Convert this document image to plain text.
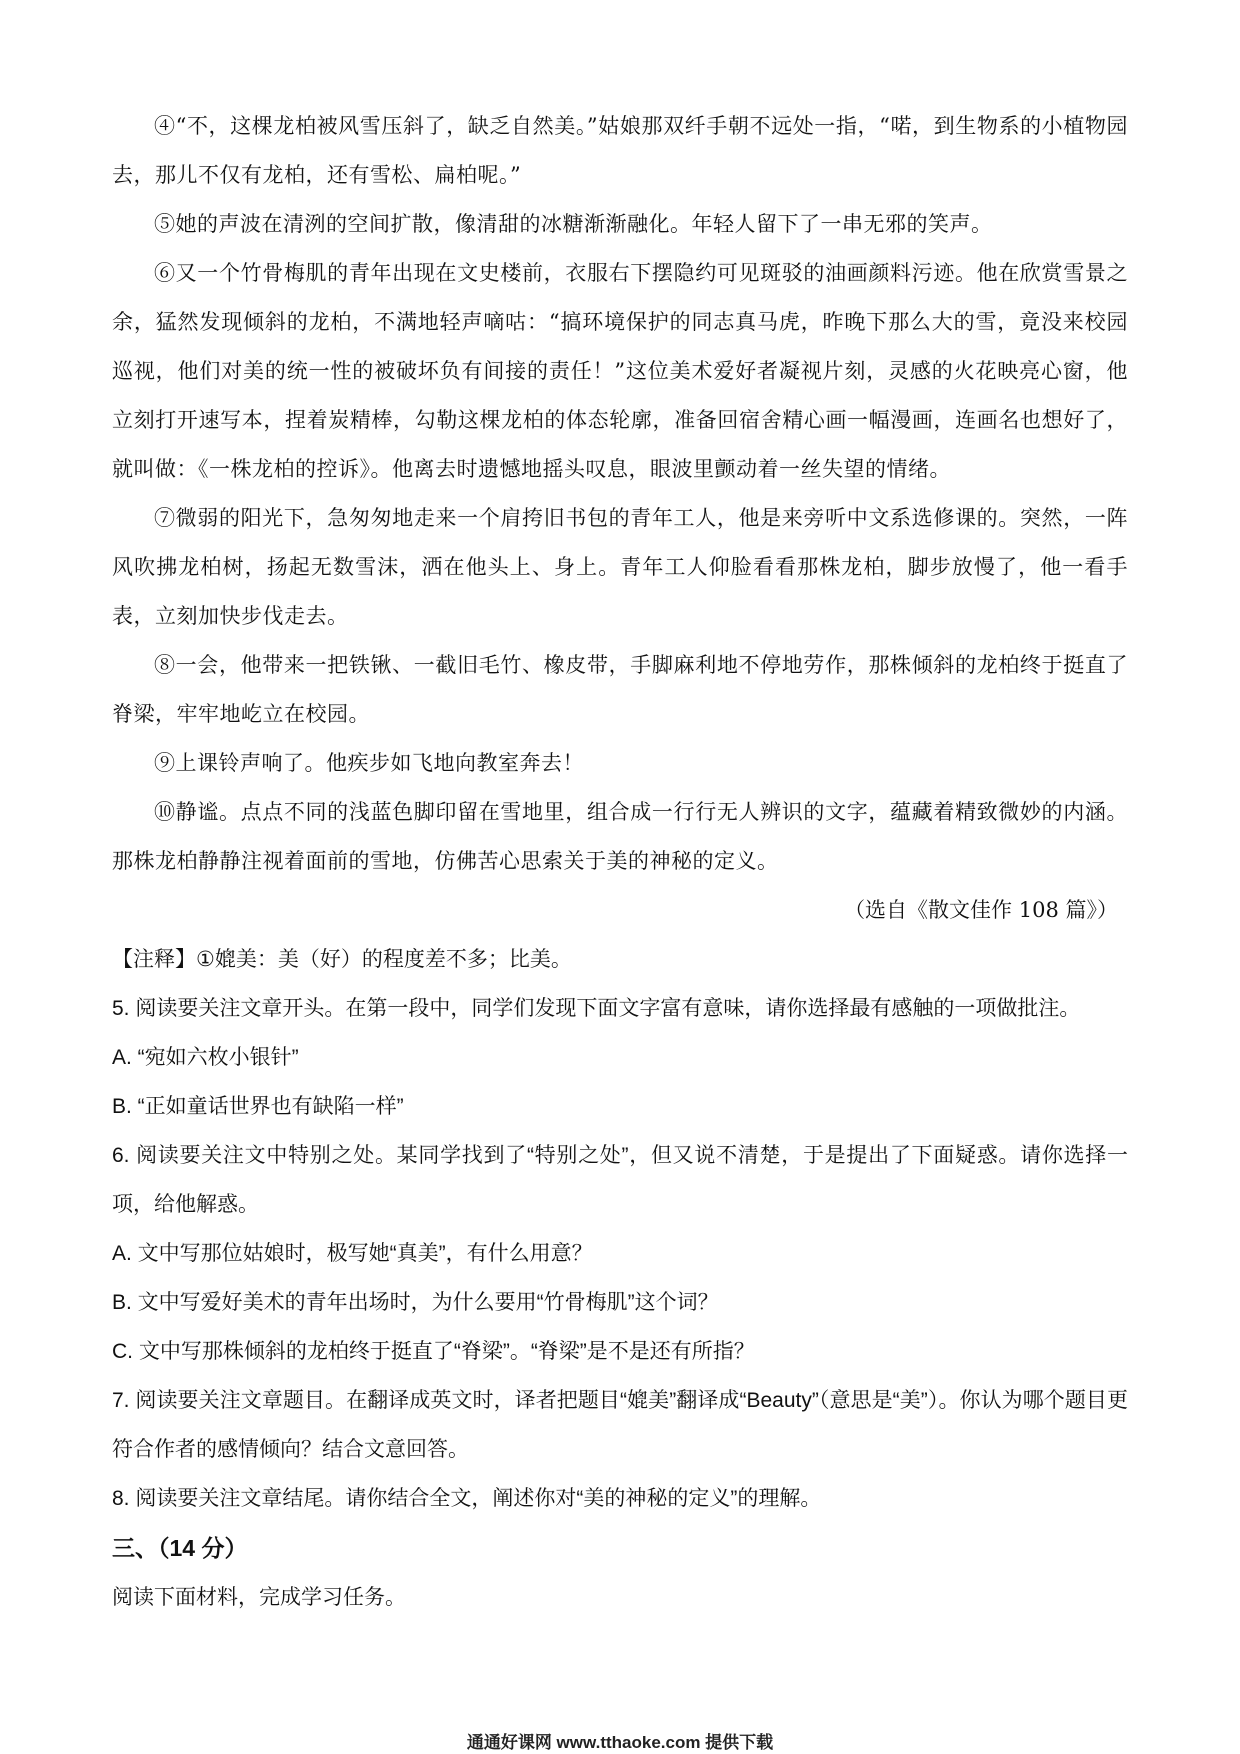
④“不，这棵龙柏被风雪压斜了，缺乏自然美。”姑娘那双纤手朝不远处一指，“喏，到生物系的小植物园去，那儿不仅有龙柏，还有雪松、扁柏呢。”

⑤她的声波在清洌的空间扩散，像清甜的冰糖渐渐融化。年轻人留下了一串无邪的笑声。

⑥又一个竹骨梅肌的青年出现在文史楼前，衣服右下摆隐约可见斑驳的油画颜料污迹。他在欣赏雪景之余，猛然发现倾斜的龙柏，不满地轻声嘀咕：“搞环境保护的同志真马虎，昨晚下那么大的雪，竟没来校园巡视，他们对美的统一性的被破坏负有间接的责任！”这位美术爱好者凝视片刻，灵感的火花映亮心窗，他立刻打开速写本，捏着炭精棒，勾勒这棵龙柏的体态轮廓，准备回宿舍精心画一幅漫画，连画名也想好了，就叫做：《一株龙柏的控诉》。他离去时遗憾地摇头叹息，眼波里颤动着一丝失望的情绪。

⑦微弱的阳光下，急匆匆地走来一个肩挎旧书包的青年工人，他是来旁听中文系选修课的。突然，一阵风吹拂龙柏树，扬起无数雪沫，洒在他头上、身上。青年工人仰脸看看那株龙柏，脚步放慢了，他一看手表，立刻加快步伐走去。

⑧一会，他带来一把铁锹、一截旧毛竹、橡皮带，手脚麻利地不停地劳作，那株倾斜的龙柏终于挺直了脊梁，牢牢地屹立在校园。

⑨上课铃声响了。他疾步如飞地向教室奔去！

⑩静谧。点点不同的浅蓝色脚印留在雪地里，组合成一行行无人辨识的文字，蕴藏着精致微妙的内涵。那株龙柏静静注视着面前的雪地，仿佛苦心思索关于美的神秘的定义。

（选自《散文佳作 108 篇》）

【注释】①媲美：美（好）的程度差不多；比美。

5. 阅读要关注文章开头。在第一段中，同学们发现下面文字富有意味，请你选择最有感触的一项做批注。

A. “宛如六枚小银针”

B. “正如童话世界也有缺陷一样”

6. 阅读要关注文中特别之处。某同学找到了“特别之处”，但又说不清楚，于是提出了下面疑惑。请你选择一项，给他解惑。

A. 文中写那位姑娘时，极写她“真美”，有什么用意？

B. 文中写爱好美术的青年出场时，为什么要用“竹骨梅肌”这个词？

C. 文中写那株倾斜的龙柏终于挺直了“脊梁”。“脊梁”是不是还有所指？

7. 阅读要关注文章题目。在翻译成英文时，译者把题目“媲美”翻译成“Beauty”（意思是“美”）。你认为哪个题目更符合作者的感情倾向？结合文意回答。

8. 阅读要关注文章结尾。请你结合全文，阐述你对“美的神秘的定义”的理解。

三、（14 分）

阅读下面材料，完成学习任务。

通通好课网 www.tthaoke.com 提供下载
